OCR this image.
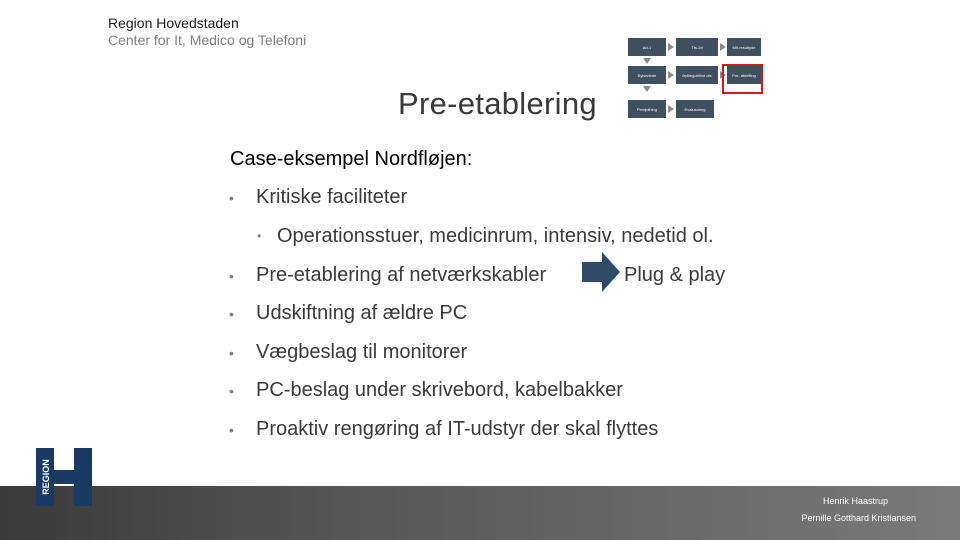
Region Hovedstaden
Center for It, Medico og Telefoni
Pre-etablering
Ad-1	Tfs-2d	Mif-resultyde
Byboviede	Byfllegofdind ofs	Pre- ablefting
Perdjdihing	Evalusahng
Case-eksempel Nordfløjen:
• Kritiske faciliteter
• Operationsstuer, medicinrum, intensiv, nedetid ol.
• Pre-etablering af netværkskabler	Plug & play
• Udskiftning af ældre PC
• Vægbeslag til monitorer
• PC-beslag under skrivebord, kabelbakker
• Proaktiv rengøring af IT-udstyr der skal flyttes
Henrik Haastrup
Pernille Gotthard Kristiansen
REGION
